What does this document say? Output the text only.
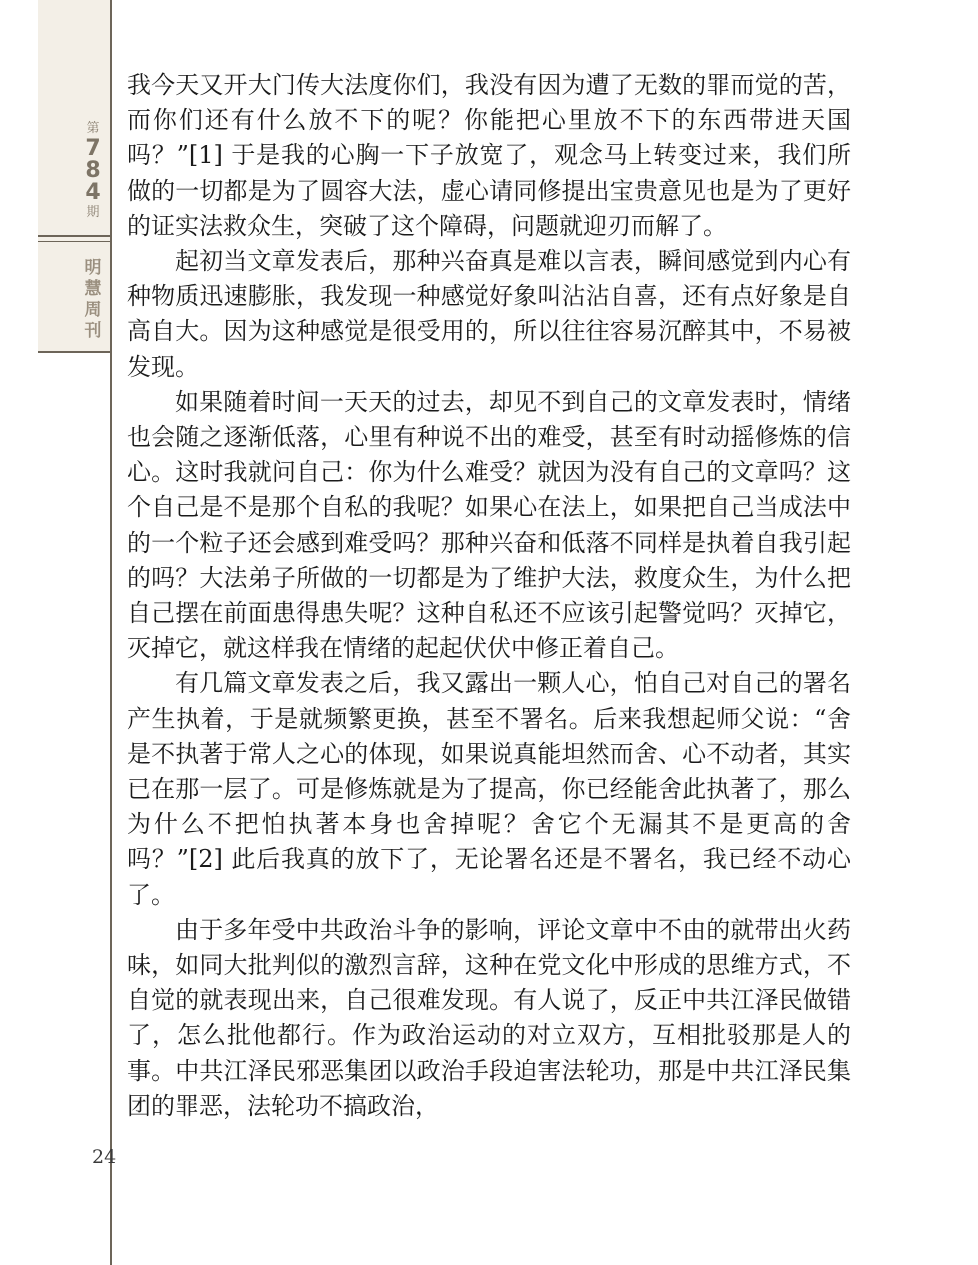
第
7
8
4
期
明
慧
周
刊
24

我今天又开大门传大法度你们，我没有因为遭了无数的罪而觉的苦，而你们还有什么放不下的呢？你能把心里放不下的东西带进天国吗？”[1] 于是我的心胸一下子放宽了，观念马上转变过来，我们所做的一切都是为了圆容大法，虚心请同修提出宝贵意见也是为了更好的证实法救众生，突破了这个障碍，问题就迎刃而解了。

起初当文章发表后，那种兴奋真是难以言表，瞬间感觉到内心有种物质迅速膨胀，我发现一种感觉好象叫沾沾自喜，还有点好象是自高自大。因为这种感觉是很受用的，所以往往容易沉醉其中，不易被发现。

如果随着时间一天天的过去，却见不到自己的文章发表时，情绪也会随之逐渐低落，心里有种说不出的难受，甚至有时动摇修炼的信心。这时我就问自己：你为什么难受？就因为没有自己的文章吗？这个自己是不是那个自私的我呢？如果心在法上，如果把自己当成法中的一个粒子还会感到难受吗？那种兴奋和低落不同样是执着自我引起的吗？大法弟子所做的一切都是为了维护大法，救度众生，为什么把自己摆在前面患得患失呢？这种自私还不应该引起警觉吗？灭掉它，灭掉它，就这样我在情绪的起起伏伏中修正着自己。

有几篇文章发表之后，我又露出一颗人心，怕自己对自己的署名产生执着，于是就频繁更换，甚至不署名。后来我想起师父说：“舍是不执著于常人之心的体现，如果说真能坦然而舍、心不动者，其实已在那一层了。可是修炼就是为了提高，你已经能舍此执著了，那么为什么不把怕执著本身也舍掉呢？舍它个无漏其不是更高的舍吗？”[2] 此后我真的放下了，无论署名还是不署名，我已经不动心了。

由于多年受中共政治斗争的影响，评论文章中不由的就带出火药味，如同大批判似的激烈言辞，这种在党文化中形成的思维方式，不自觉的就表现出来，自己很难发现。有人说了，反正中共江泽民做错了，怎么批他都行。作为政治运动的对立双方，互相批驳那是人的事。中共江泽民邪恶集团以政治手段迫害法轮功，那是中共江泽民集团的罪恶，法轮功不搞政治，
